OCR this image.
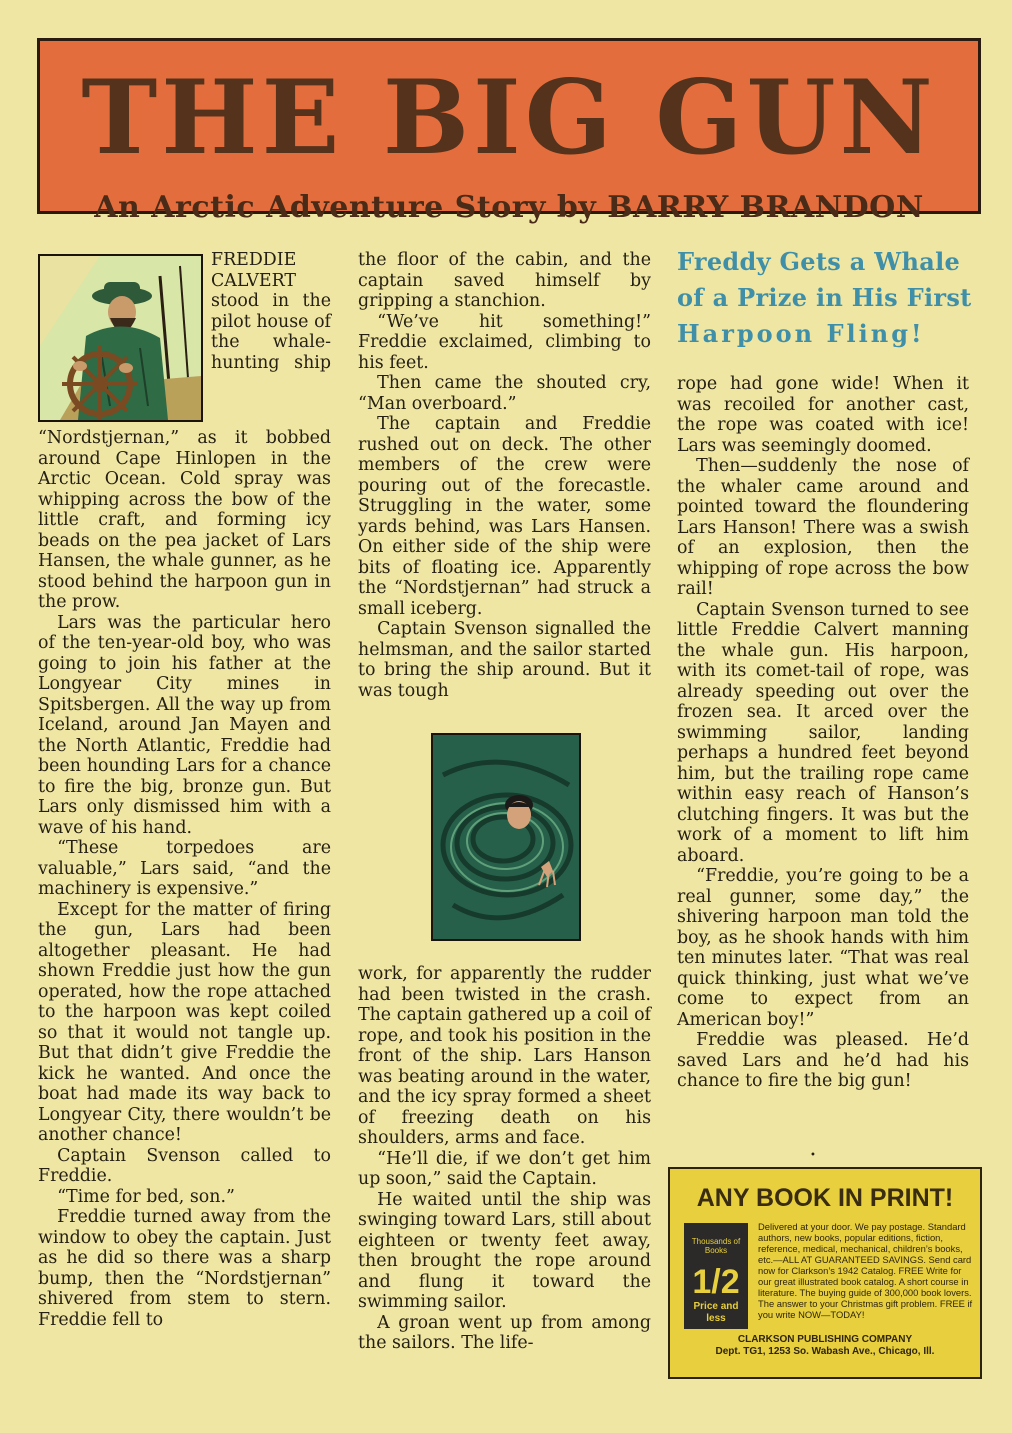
THE BIG GUN
An Arctic Adventure Story by BARRY BRANDON

FREDDIE CALVERT stood in the pilot house of the whale-hunting ship “Nordstjernan,” as it bobbed around Cape Hinlopen in the Arctic Ocean. Cold spray was whipping across the bow of the little craft, and forming icy beads on the pea jacket of Lars Hansen, the whale gunner, as he stood behind the harpoon gun in the prow.

Lars was the particular hero of the ten-year-old boy, who was going to join his father at the Longyear City mines in Spitsbergen. All the way up from Iceland, around Jan Mayen and the North Atlantic, Freddie had been hounding Lars for a chance to fire the big, bronze gun. But Lars only dismissed him with a wave of his hand.

“These torpedoes are valuable,” Lars said, “and the machinery is expensive.”

Except for the matter of firing the gun, Lars had been altogether pleasant. He had shown Freddie just how the gun operated, how the rope attached to the harpoon was kept coiled so that it would not tangle up. But that didn’t give Freddie the kick he wanted. And once the boat had made its way back to Longyear City, there wouldn’t be another chance!

Captain Svenson called to Freddie.

“Time for bed, son.”

Freddie turned away from the window to obey the captain. Just as he did so there was a sharp bump, then the “Nordstjernan” shivered from stem to stern. Freddie fell to

the floor of the cabin, and the captain saved himself by gripping a stanchion.

“We’ve hit something!” Freddie exclaimed, climbing to his feet.

Then came the shouted cry, “Man overboard.”

The captain and Freddie rushed out on deck. The other members of the crew were pouring out of the forecastle. Struggling in the water, some yards behind, was Lars Hansen. On either side of the ship were bits of floating ice. Apparently the “Nordstjernan” had struck a small iceberg.

Captain Svenson signalled the helmsman, and the sailor started to bring the ship around. But it was tough

work, for apparently the rudder had been twisted in the crash. The captain gathered up a coil of rope, and took his position in the front of the ship. Lars Hanson was beating around in the water, and the icy spray formed a sheet of freezing death on his shoulders, arms and face.

“He’ll die, if we don’t get him up soon,” said the Captain.

He waited until the ship was swinging toward Lars, still about eighteen or twenty feet away, then brought the rope around and flung it toward the swimming sailor.

A groan went up from among the sailors. The life-

Freddy Gets a Whale
of a Prize in His First
Harpoon Fling!

rope had gone wide! When it was recoiled for another cast, the rope was coated with ice! Lars was seemingly doomed.

Then—suddenly the nose of the whaler came around and pointed toward the floundering Lars Hanson! There was a swish of an explosion, then the whipping of rope across the bow rail!

Captain Svenson turned to see little Freddie Calvert manning the whale gun. His harpoon, with its comet-tail of rope, was already speeding out over the frozen sea. It arced over the swimming sailor, landing perhaps a hundred feet beyond him, but the trailing rope came within easy reach of Hanson’s clutching fingers. It was but the work of a moment to lift him aboard.

“Freddie, you’re going to be a real gunner, some day,” the shivering harpoon man told the boy, as he shook hands with him ten minutes later. “That was real quick thinking, just what we’ve come to expect from an American boy!”

Freddie was pleased. He’d saved Lars and he’d had his chance to fire the big gun!

•
ANY BOOK IN PRINT!
Thousands of Books
1/2
Price and less
Delivered at your door. We pay postage. Standard authors, new books, popular editions, fiction, reference, medical, mechanical, children’s books, etc.—ALL AT GUARANTEED SAVINGS. Send card now for Clarkson’s 1942 Catalog. FREE Write for our great illustrated book catalog. A short course in literature. The buying guide of 300,000 book lovers. The answer to your Christmas gift problem. FREE if you write NOW—TODAY!
CLARKSON PUBLISHING COMPANY
Dept. TG1, 1253 So. Wabash Ave., Chicago, Ill.
